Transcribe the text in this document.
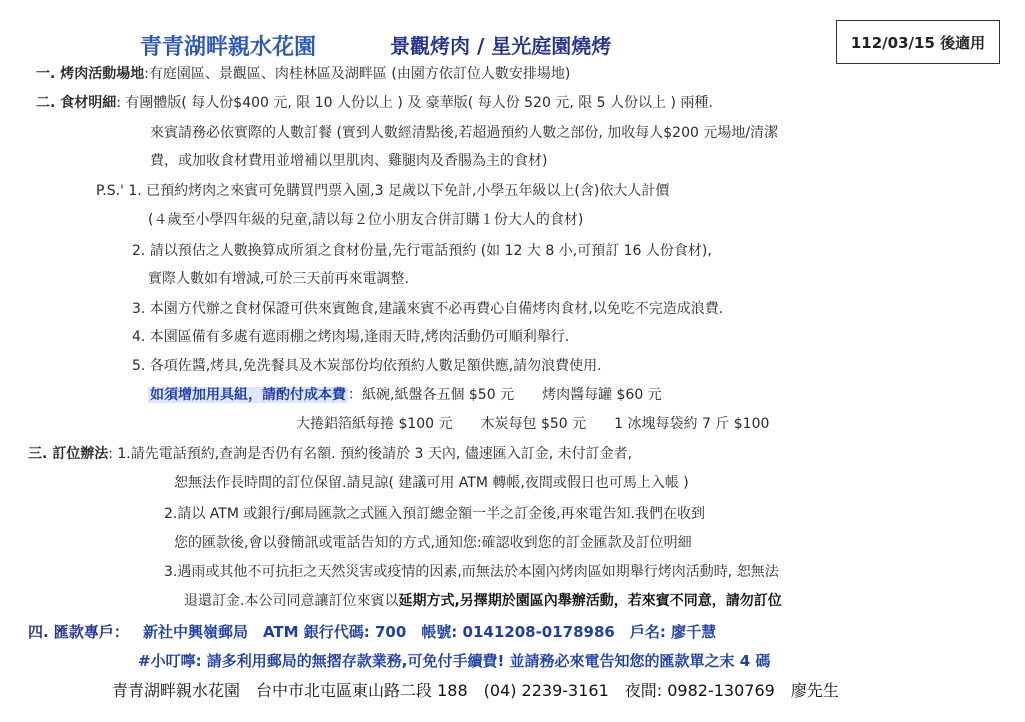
青青湖畔親水花園	景觀烤肉 / 星光庭園燒烤	112/03/15 後適用
一. 烤肉活動場地:有庭園區、景觀區、肉桂林區及湖畔區 (由園方依訂位人數安排場地)
二. 食材明細: 有團體版( 每人份$400 元, 限 10 人份以上 ) 及 豪華版( 每人份 520 元, 限 5 人份以上 ) 兩種.
來賓請務必依實際的人數訂餐 (實到人數經清點後,若超過預約人數之部份, 加收每人$200 元場地/清潔
費，或加收食材費用並增補以里肌肉、雞腿肉及香腸為主的食材)
P.S.' 1. 已預約烤肉之來賓可免購買門票入園,3 足歲以下免計,小學五年級以上(含)依大人計價
(４歲至小學四年級的兒童,請以每２位小朋友合併訂購１份大人的食材)
2. 請以預估之人數換算成所須之食材份量,先行電話預約 (如 12 大 8 小,可預訂 16 人份食材),
實際人數如有增減,可於三天前再來電調整.
3. 本園方代辦之食材保證可供來賓飽食,建議來賓不必再費心自備烤肉食材,以免吃不完造成浪費.
4. 本園區備有多處有遮雨棚之烤肉場,逢雨天時,烤肉活動仍可順利舉行.
5. 各項佐醬,烤具,免洗餐具及木炭部份均依預約人數足額供應,請勿浪費使用.
如須增加用具組，請酌付成本費 ：紙碗,紙盤各五個 $50 元　　烤肉醬每罐 $60 元
大捲鋁箔紙每捲 $100 元　　木炭每包 $50 元　　1 冰塊每袋約 7 斤 $100
三. 訂位辦法: 1.請先電話預約,查詢是否仍有名額. 預約後請於 3 天內, 儘速匯入訂金, 未付訂金者,
恕無法作長時間的訂位保留.請見諒( 建議可用 ATM 轉帳,夜間或假日也可馬上入帳 )
2.請以 ATM 或銀行/郵局匯款之式匯入預訂總金額一半之訂金後,再來電告知.我們在收到
您的匯款後,會以發簡訊或電話告知的方式,通知您:確認收到您的訂金匯款及訂位明細
3.遇雨或其他不可抗拒之天然災害或疫情的因素,而無法於本園內烤肉區如期舉行烤肉活動時, 恕無法
退還訂金.本公司同意讓訂位來賓以延期方式,另擇期於園區內舉辦活動，若來賓不同意，請勿訂位
四. 匯款專戶： 新社中興嶺郵局　ATM 銀行代碼: 700　帳號: 0141208-0178986　戶名: 廖千慧
#小叮嚀: 請多利用郵局的無摺存款業務,可免付手續費! 並請務必來電告知您的匯款單之末 4 碼
青青湖畔親水花園　台中市北屯區東山路二段 188　(04) 2239-3161　夜間: 0982-130769　廖先生
